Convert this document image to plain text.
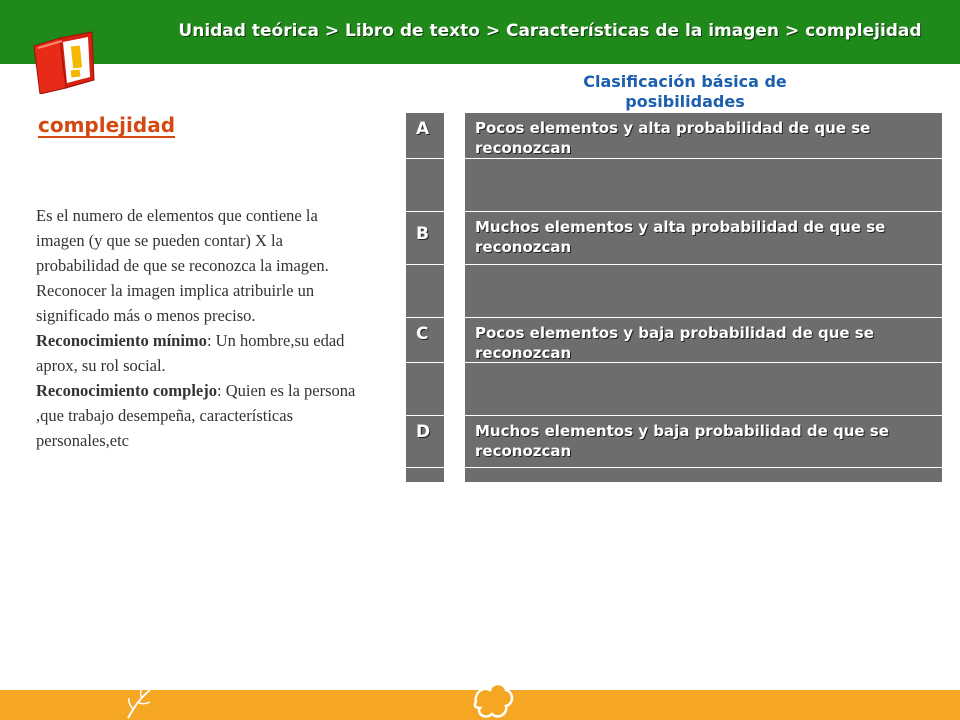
Unidad teórica > Libro de texto > Características de la imagen > complejidad
Clasificación básica de posibilidades
complejidad

Es el numero de elementos que contiene la imagen (y que se pueden contar) X la probabilidad de que se reconozca la imagen. Reconocer la imagen implica atribuirle un significado más o menos preciso.
Reconocimiento mínimo: Un hombre,su edad aprox, su rol social.
Reconocimiento complejo: Quien es la persona ,que trabajo desempeña, características personales,etc

A
B
C
D
Pocos elementos y alta probabilidad de que se reconozcan
Muchos elementos y alta probabilidad de que se reconozcan
Pocos elementos y baja probabilidad de que se reconozcan
Muchos elementos y baja probabilidad de que se reconozcan
